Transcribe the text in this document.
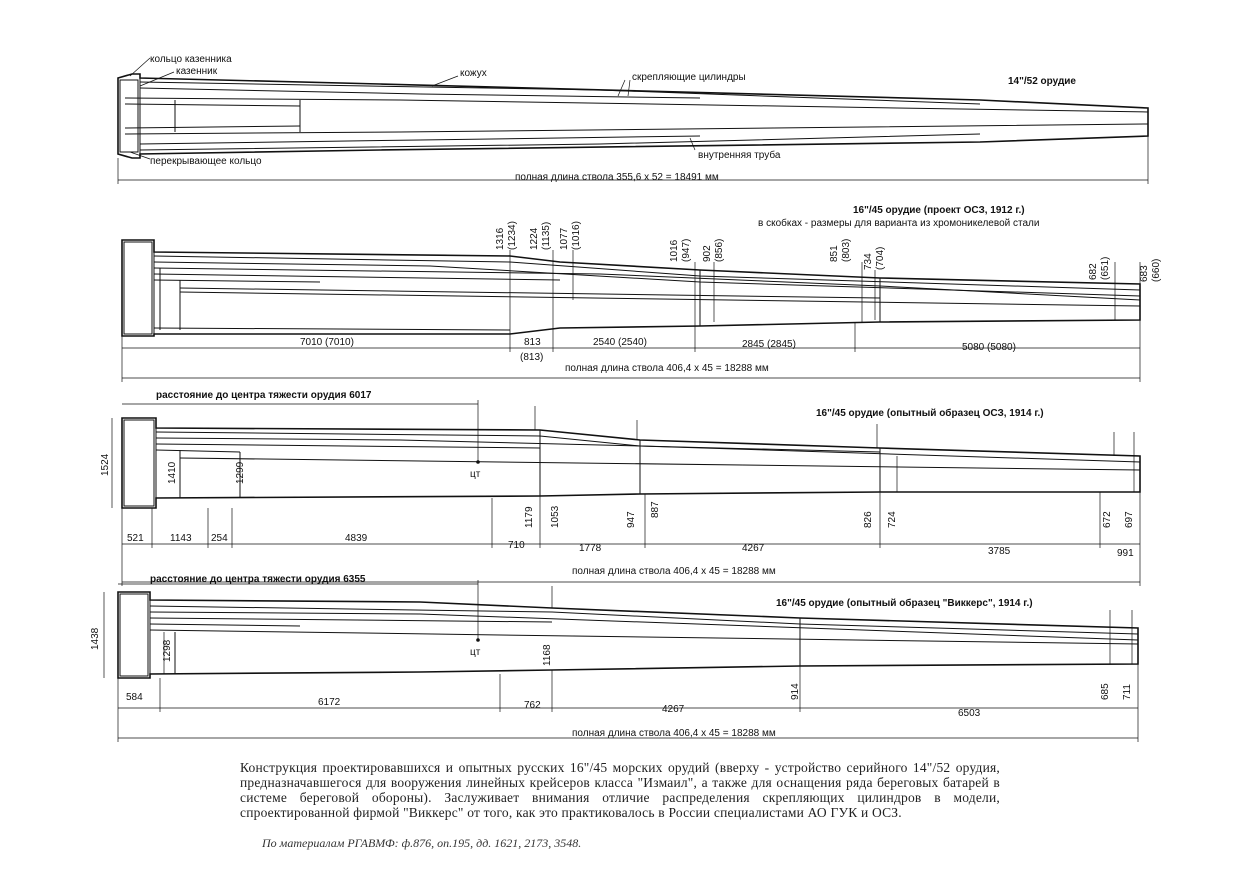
кольцо казенника
казенник	кожух	скрепляющие цилиндры	14"/52 орудие
перекрывающее кольцо
внутренняя труба
полная длина ствола 355,6 х 52 = 18491 мм
16"/45 орудие (проект ОСЗ, 1912 г.)
в скобках - размеры для варианта из хромоникелевой стали
1316 (1234) 1224 (1135) 1077 (1016)
1016 (947) 902 (856)	851 (803) 734 (704)
682 (651)	683 (660)
7010 (7010)	813
(813)
2540 (2540)	2845 (2845)	5080 (5080)
полная длина ствола 406,4 х 45 = 18288 мм
расстояние до центра тяжести орудия 6017
16"/45 орудие (опытный образец ОСЗ, 1914 г.)
цт
1524	1410	1299
1179 1053	947
887
826 724	672 697
521	1143 254	4839
710	1778	4267	3785	991
полная длина ствола 406,4 х 45 = 18288 мм
расстояние до центра тяжести орудия 6355
16"/45 орудие (опытный образец "Виккерс", 1914 г.)
цт
1438
1298	1168
914	685 711
584	6172	762	4267	6503
полная длина ствола 406,4 х 45 = 18288 мм
Конструкция проектировавшихся и опытных русских 16"/45 морских орудий (вверху - устройство серийного 14"/52 орудия, предназначавшегося для вооружения линейных крейсеров класса "Измаил", а также для оснащения ряда береговых батарей в системе береговой обороны). Заслуживает внимания отличие распределения скрепляющих цилиндров в модели, спроектированной фирмой "Виккерс" от того, как это практиковалось в России специалистами АО ГУК и ОСЗ.
По материалам РГАВМФ: ф.876, оп.195, дд. 1621, 2173, 3548.
